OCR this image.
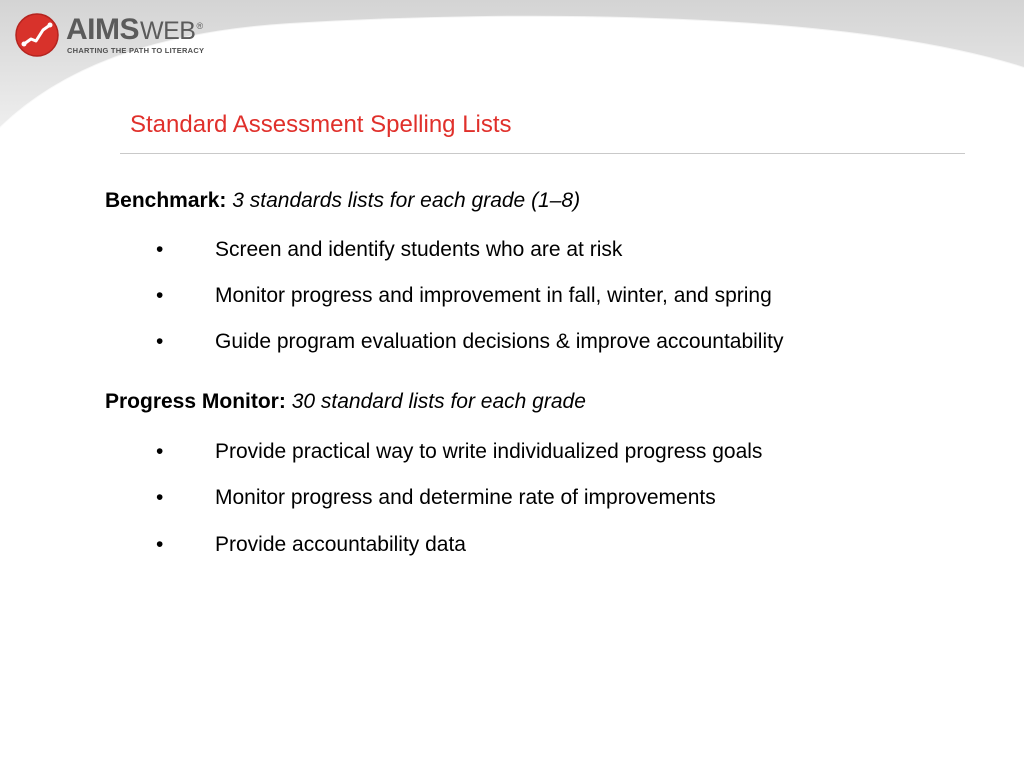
AIMSWEB®
CHARTING THE PATH TO LITERACY
Standard Assessment Spelling Lists
Benchmark: 3 standards lists for each grade (1–8)
• Screen and identify students who are at risk
• Monitor progress and improvement in fall, winter, and spring
• Guide program evaluation decisions & improve accountability
Progress Monitor: 30 standard lists for each grade
• Provide practical way to write individualized progress goals
• Monitor progress and determine rate of improvements
• Provide accountability data
